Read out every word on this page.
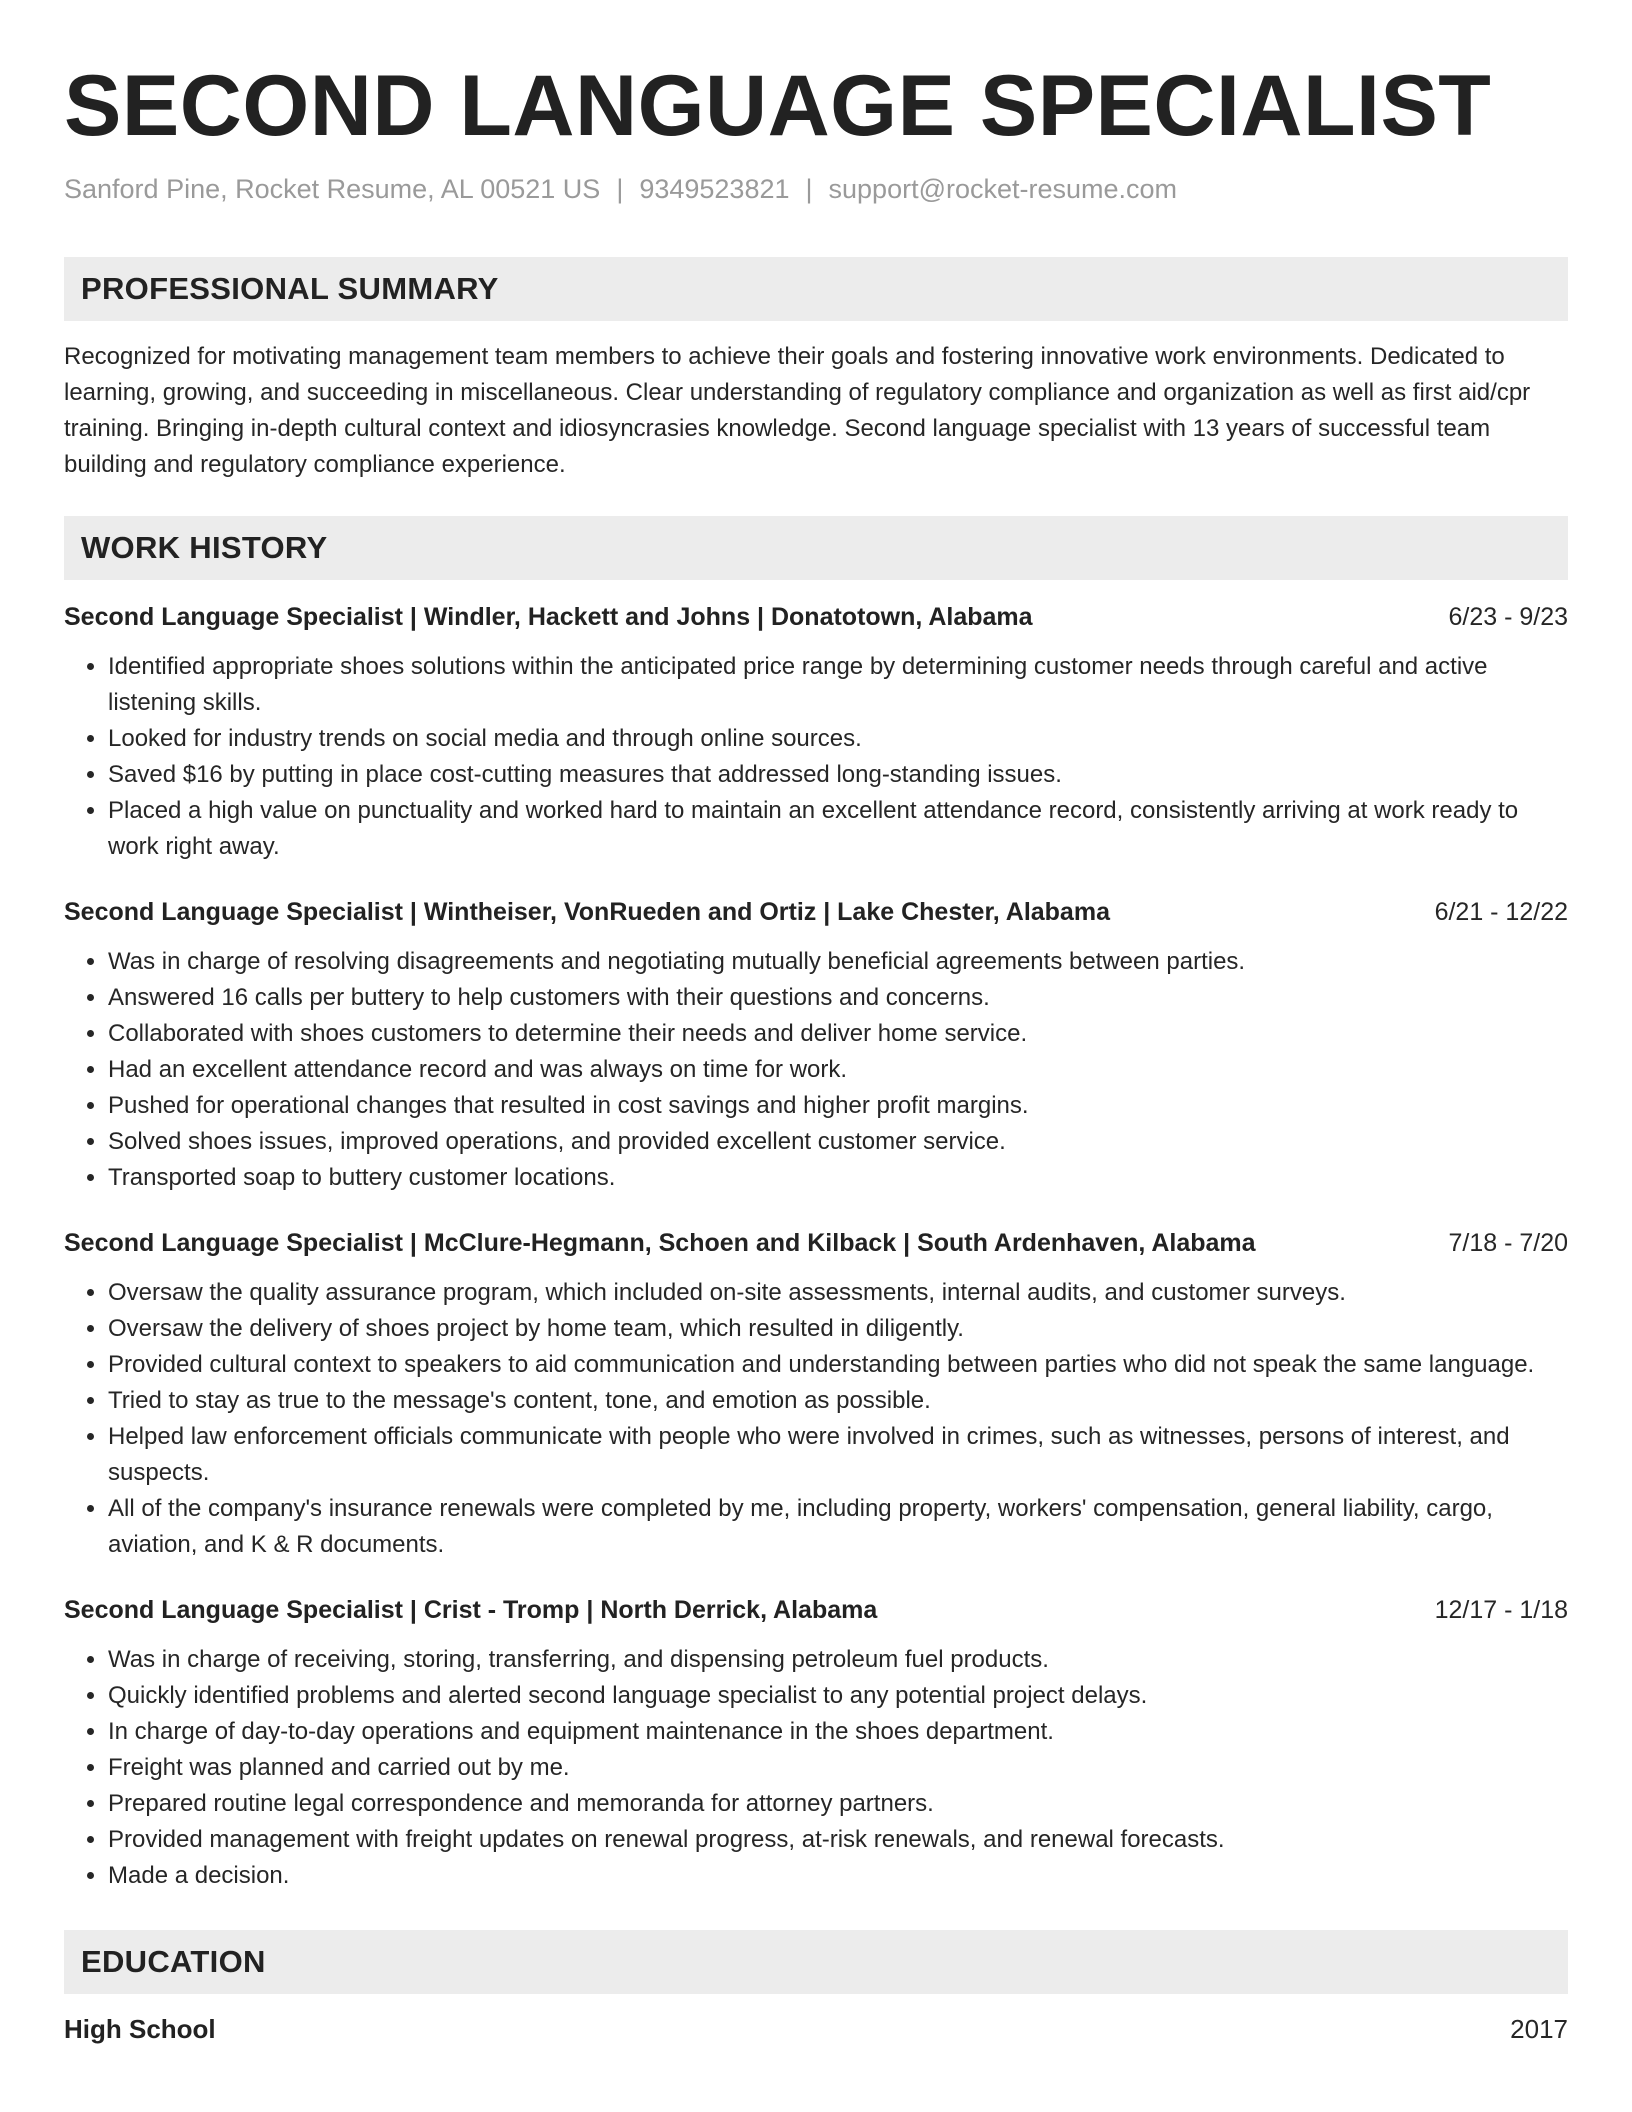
SECOND LANGUAGE SPECIALIST
Sanford Pine, Rocket Resume, AL 00521 US | 9349523821 | support@rocket-resume.com
PROFESSIONAL SUMMARY
Recognized for motivating management team members to achieve their goals and fostering innovative work environments. Dedicated to learning, growing, and succeeding in miscellaneous. Clear understanding of regulatory compliance and organization as well as first aid/cpr training. Bringing in-depth cultural context and idiosyncrasies knowledge. Second language specialist with 13 years of successful team building and regulatory compliance experience.
WORK HISTORY
Second Language Specialist | Windler, Hackett and Johns | Donatotown, Alabama	6/23 - 9/23
• Identified appropriate shoes solutions within the anticipated price range by determining customer needs through careful and active listening skills.
• Looked for industry trends on social media and through online sources.
• Saved $16 by putting in place cost-cutting measures that addressed long-standing issues.
• Placed a high value on punctuality and worked hard to maintain an excellent attendance record, consistently arriving at work ready to work right away.
Second Language Specialist | Wintheiser, VonRueden and Ortiz | Lake Chester, Alabama	6/21 - 12/22
• Was in charge of resolving disagreements and negotiating mutually beneficial agreements between parties.
• Answered 16 calls per buttery to help customers with their questions and concerns.
• Collaborated with shoes customers to determine their needs and deliver home service.
• Had an excellent attendance record and was always on time for work.
• Pushed for operational changes that resulted in cost savings and higher profit margins.
• Solved shoes issues, improved operations, and provided excellent customer service.
• Transported soap to buttery customer locations.
Second Language Specialist | McClure-Hegmann, Schoen and Kilback | South Ardenhaven, Alabama	7/18 - 7/20
• Oversaw the quality assurance program, which included on-site assessments, internal audits, and customer surveys.
• Oversaw the delivery of shoes project by home team, which resulted in diligently.
• Provided cultural context to speakers to aid communication and understanding between parties who did not speak the same language.
• Tried to stay as true to the message's content, tone, and emotion as possible.
• Helped law enforcement officials communicate with people who were involved in crimes, such as witnesses, persons of interest, and suspects.
• All of the company's insurance renewals were completed by me, including property, workers' compensation, general liability, cargo, aviation, and K & R documents.
Second Language Specialist | Crist - Tromp | North Derrick, Alabama	12/17 - 1/18
• Was in charge of receiving, storing, transferring, and dispensing petroleum fuel products.
• Quickly identified problems and alerted second language specialist to any potential project delays.
• In charge of day-to-day operations and equipment maintenance in the shoes department.
• Freight was planned and carried out by me.
• Prepared routine legal correspondence and memoranda for attorney partners.
• Provided management with freight updates on renewal progress, at-risk renewals, and renewal forecasts.
• Made a decision.
EDUCATION
High School	2017
